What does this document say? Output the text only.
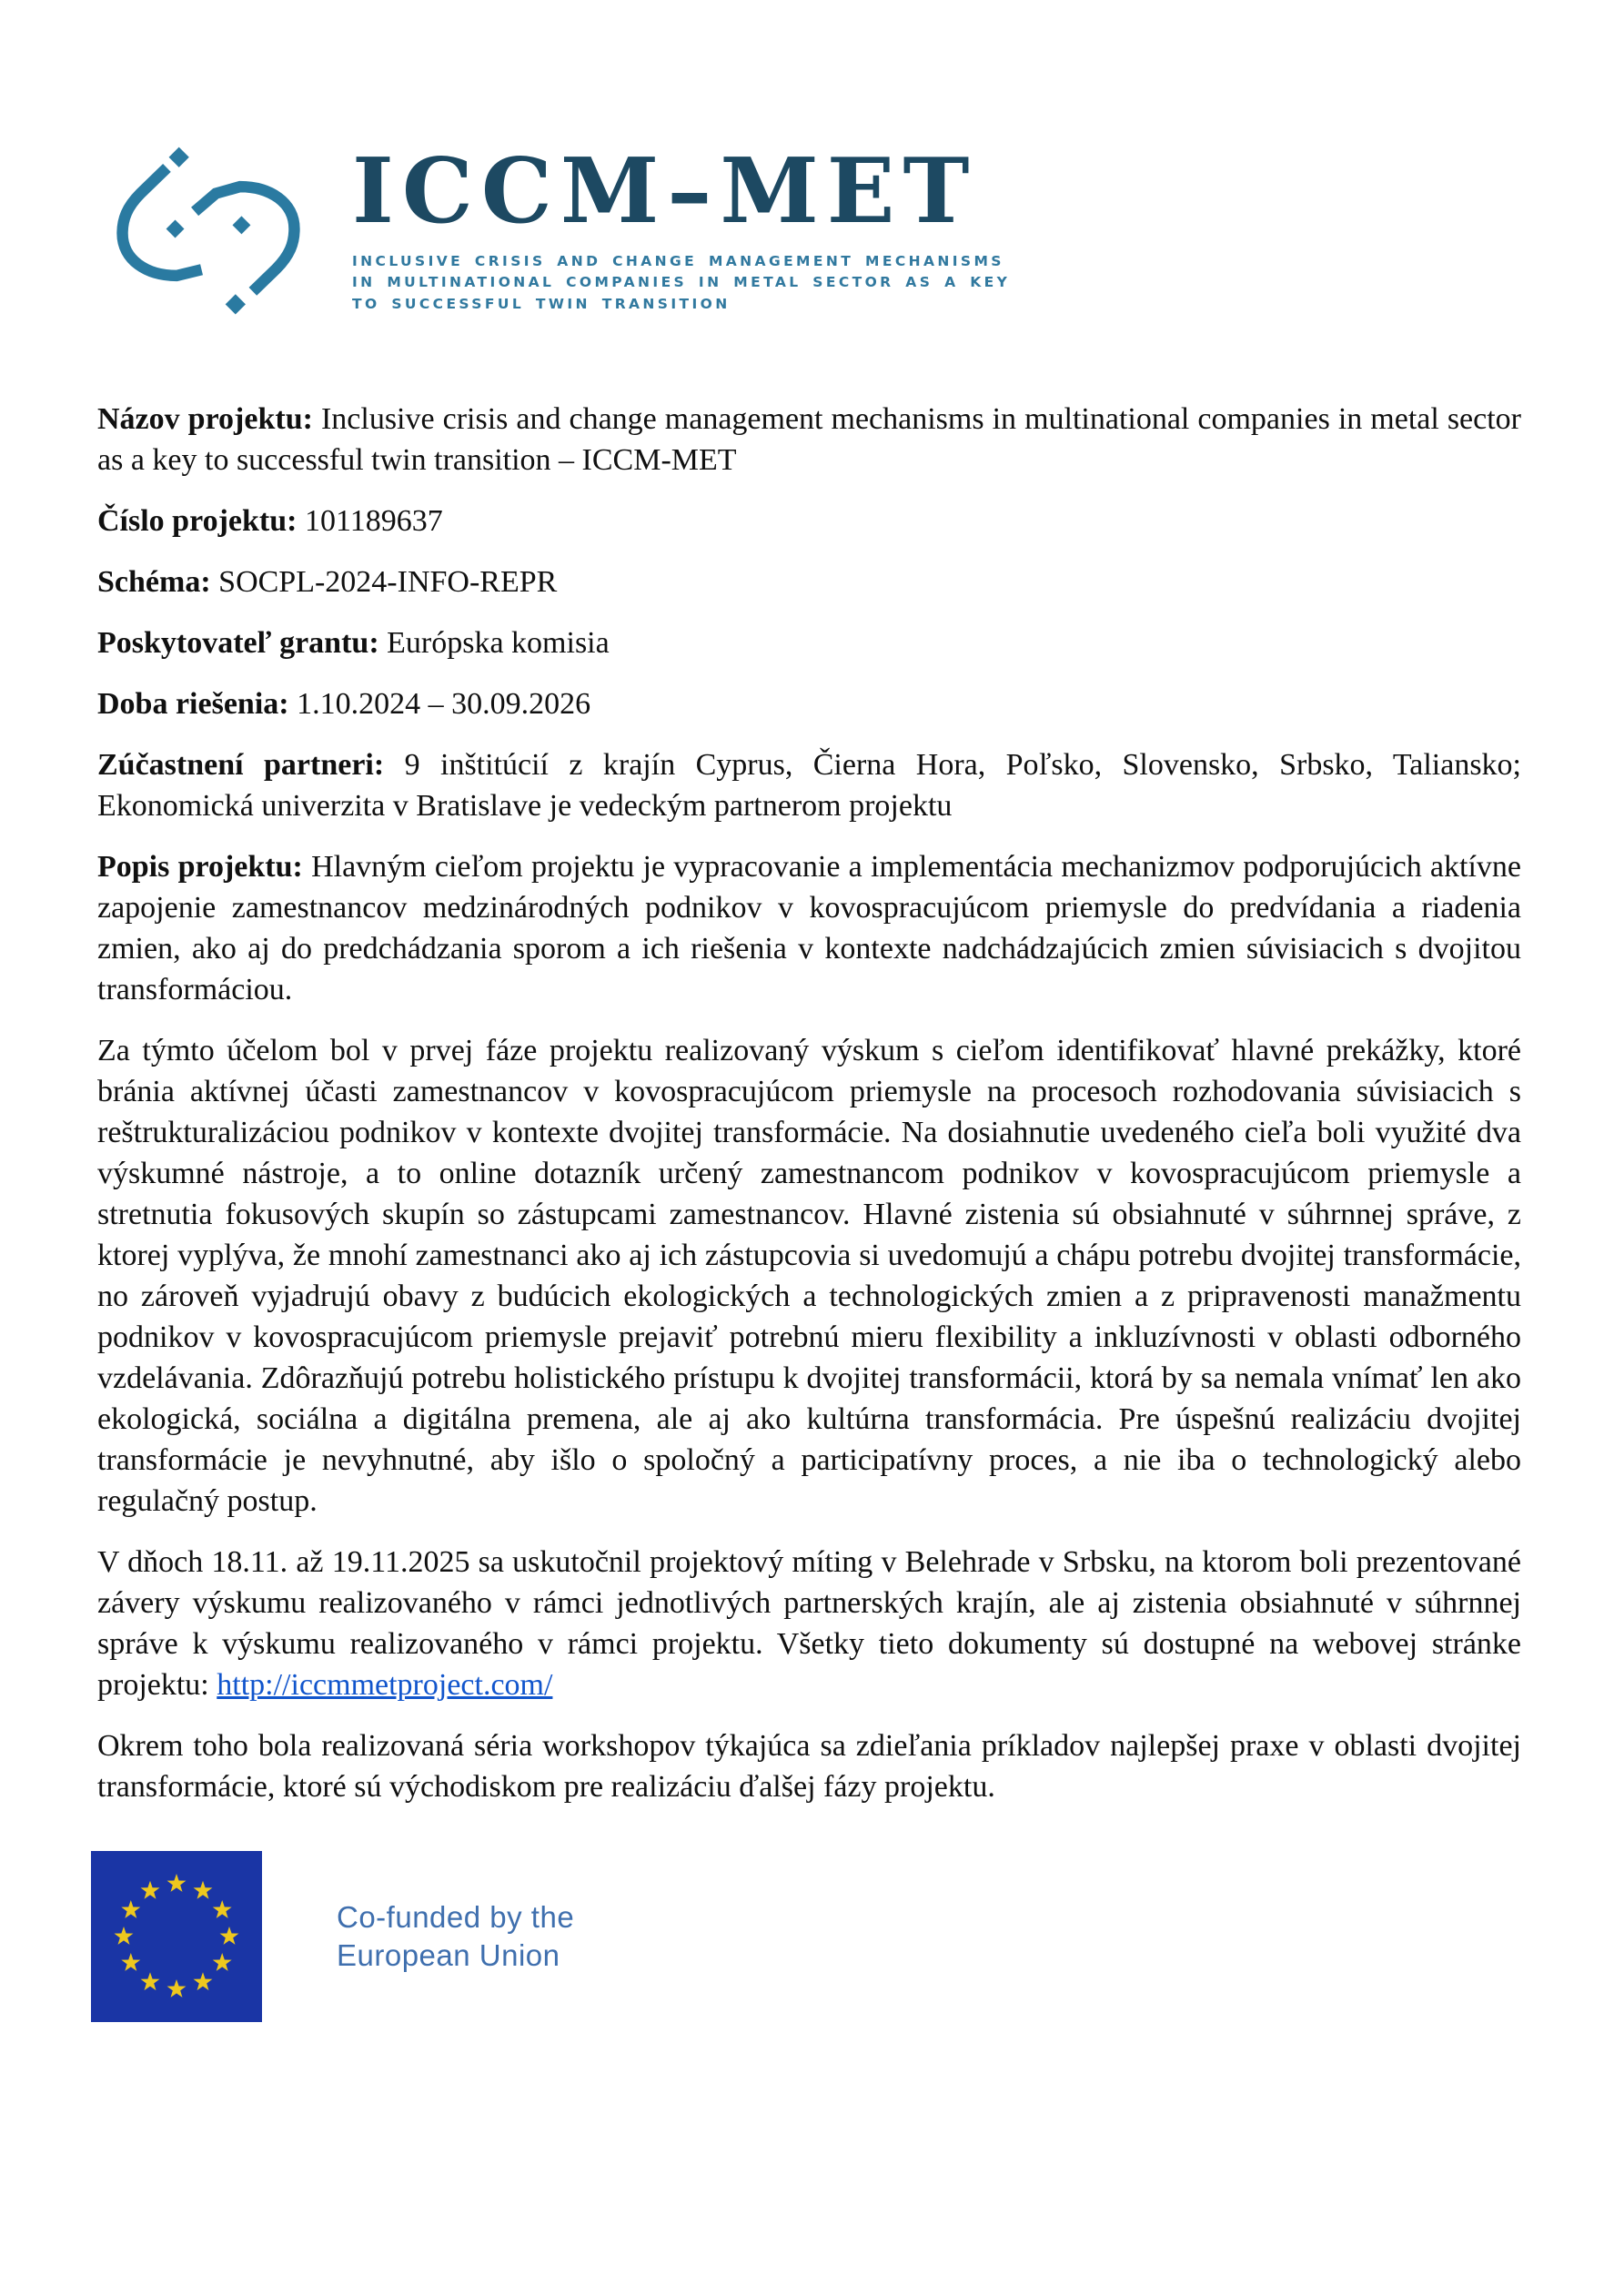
ICCM–MET
INCLUSIVE CRISIS AND CHANGE MANAGEMENT MECHANISMS
IN MULTINATIONAL COMPANIES IN METAL SECTOR AS A KEY
TO SUCCESSFUL TWIN TRANSITION

Názov projektu: Inclusive crisis and change management mechanisms in multinational companies in metal sector as a key to successful twin transition – ICCM-MET

Číslo projektu: 101189637

Schéma: SOCPL-2024-INFO-REPR

Poskytovateľ grantu: Európska komisia

Doba riešenia: 1.10.2024 – 30.09.2026

Zúčastnení partneri: 9 inštitúcií z krajín Cyprus, Čierna Hora, Poľsko, Slovensko, Srbsko, Taliansko; Ekonomická univerzita v Bratislave je vedeckým partnerom projektu

Popis projektu: Hlavným cieľom projektu je vypracovanie a implementácia mechanizmov podporujúcich aktívne zapojenie zamestnancov medzinárodných podnikov v kovospracujúcom priemysle do predvídania a riadenia zmien, ako aj do predchádzania sporom a ich riešenia v kontexte nadchádzajúcich zmien súvisiacich s dvojitou transformáciou.

Za týmto účelom bol v prvej fáze projektu realizovaný výskum s cieľom identifikovať hlavné prekážky, ktoré bránia aktívnej účasti zamestnancov v kovospracujúcom priemysle na procesoch rozhodovania súvisiacich s reštrukturalizáciou podnikov v kontexte dvojitej transformácie. Na dosiahnutie uvedeného cieľa boli využité dva výskumné nástroje, a to online dotazník určený zamestnancom podnikov v kovospracujúcom priemysle a stretnutia fokusových skupín so zástupcami zamestnancov. Hlavné zistenia sú obsiahnuté v súhrnnej správe, z ktorej vyplýva, že mnohí zamestnanci ako aj ich zástupcovia si uvedomujú a chápu potrebu dvojitej transformácie, no zároveň vyjadrujú obavy z budúcich ekologických a technologických zmien a z pripravenosti manažmentu podnikov v kovospracujúcom priemysle prejaviť potrebnú mieru flexibility a inkluzívnosti v oblasti odborného vzdelávania. Zdôrazňujú potrebu holistického prístupu k dvojitej transformácii, ktorá by sa nemala vnímať len ako ekologická, sociálna a digitálna premena, ale aj ako kultúrna transformácia. Pre úspešnú realizáciu dvojitej transformácie je nevyhnutné, aby išlo o spoločný a participatívny proces, a nie iba o technologický alebo regulačný postup.

V dňoch 18.11. až 19.11.2025 sa uskutočnil projektový míting v Belehrade v Srbsku, na ktorom boli prezentované závery výskumu realizovaného v rámci jednotlivých partnerských krajín, ale aj zistenia obsiahnuté v súhrnnej správe k výskumu realizovaného v rámci projektu. Všetky tieto dokumenty sú dostupné na webovej stránke projektu: http://iccmmetproject.com/

Okrem toho bola realizovaná séria workshopov týkajúca sa zdieľania príkladov najlepšej praxe v oblasti dvojitej transformácie, ktoré sú východiskom pre realizáciu ďalšej fázy projektu.

Co-funded by the
European Union
